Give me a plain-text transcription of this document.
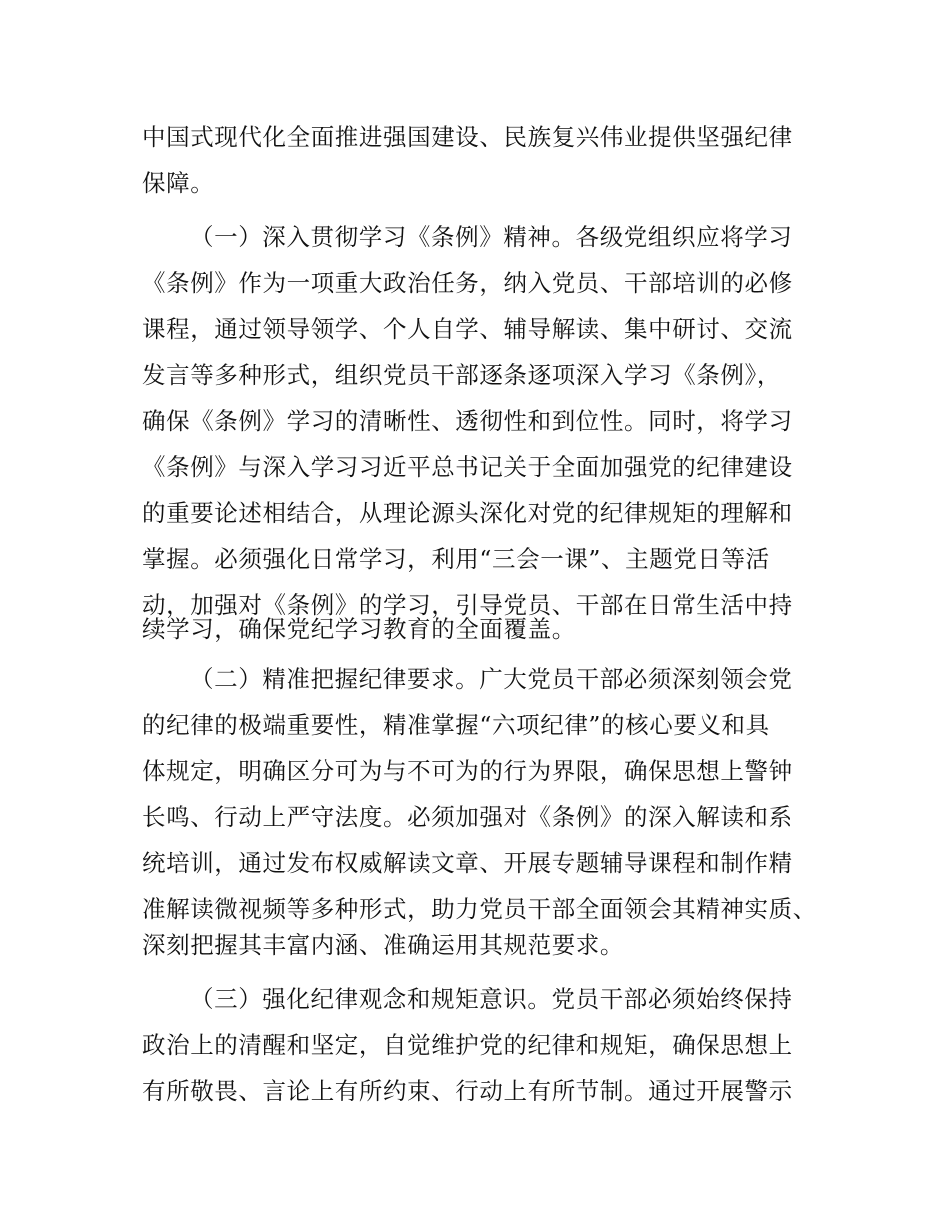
中国式现代化全面推进强国建设、民族复兴伟业提供坚强纪律
保障。
（一）深入贯彻学习《条例》精神。各级党组织应将学习
《条例》作为一项重大政治任务，纳入党员、干部培训的必修
课程，通过领导领学、个人自学、辅导解读、集中研讨、交流
发言等多种形式，组织党员干部逐条逐项深入学习《条例》，
确保《条例》学习的清晰性、透彻性和到位性。同时，将学习
《条例》与深入学习习近平总书记关于全面加强党的纪律建设
的重要论述相结合，从理论源头深化对党的纪律规矩的理解和
掌握。必须强化日常学习，利用“三会一课”、主题党日等活
动，加强对《条例》的学习，引导党员、干部在日常生活中持
续学习，确保党纪学习教育的全面覆盖。
（二）精准把握纪律要求。广大党员干部必须深刻领会党
的纪律的极端重要性，精准掌握“六项纪律”的核心要义和具
体规定，明确区分可为与不可为的行为界限，确保思想上警钟
长鸣、行动上严守法度。必须加强对《条例》的深入解读和系
统培训，通过发布权威解读文章、开展专题辅导课程和制作精
准解读微视频等多种形式，助力党员干部全面领会其精神实质、
深刻把握其丰富内涵、准确运用其规范要求。
（三）强化纪律观念和规矩意识。党员干部必须始终保持
政治上的清醒和坚定，自觉维护党的纪律和规矩，确保思想上
有所敬畏、言论上有所约束、行动上有所节制。通过开展警示
